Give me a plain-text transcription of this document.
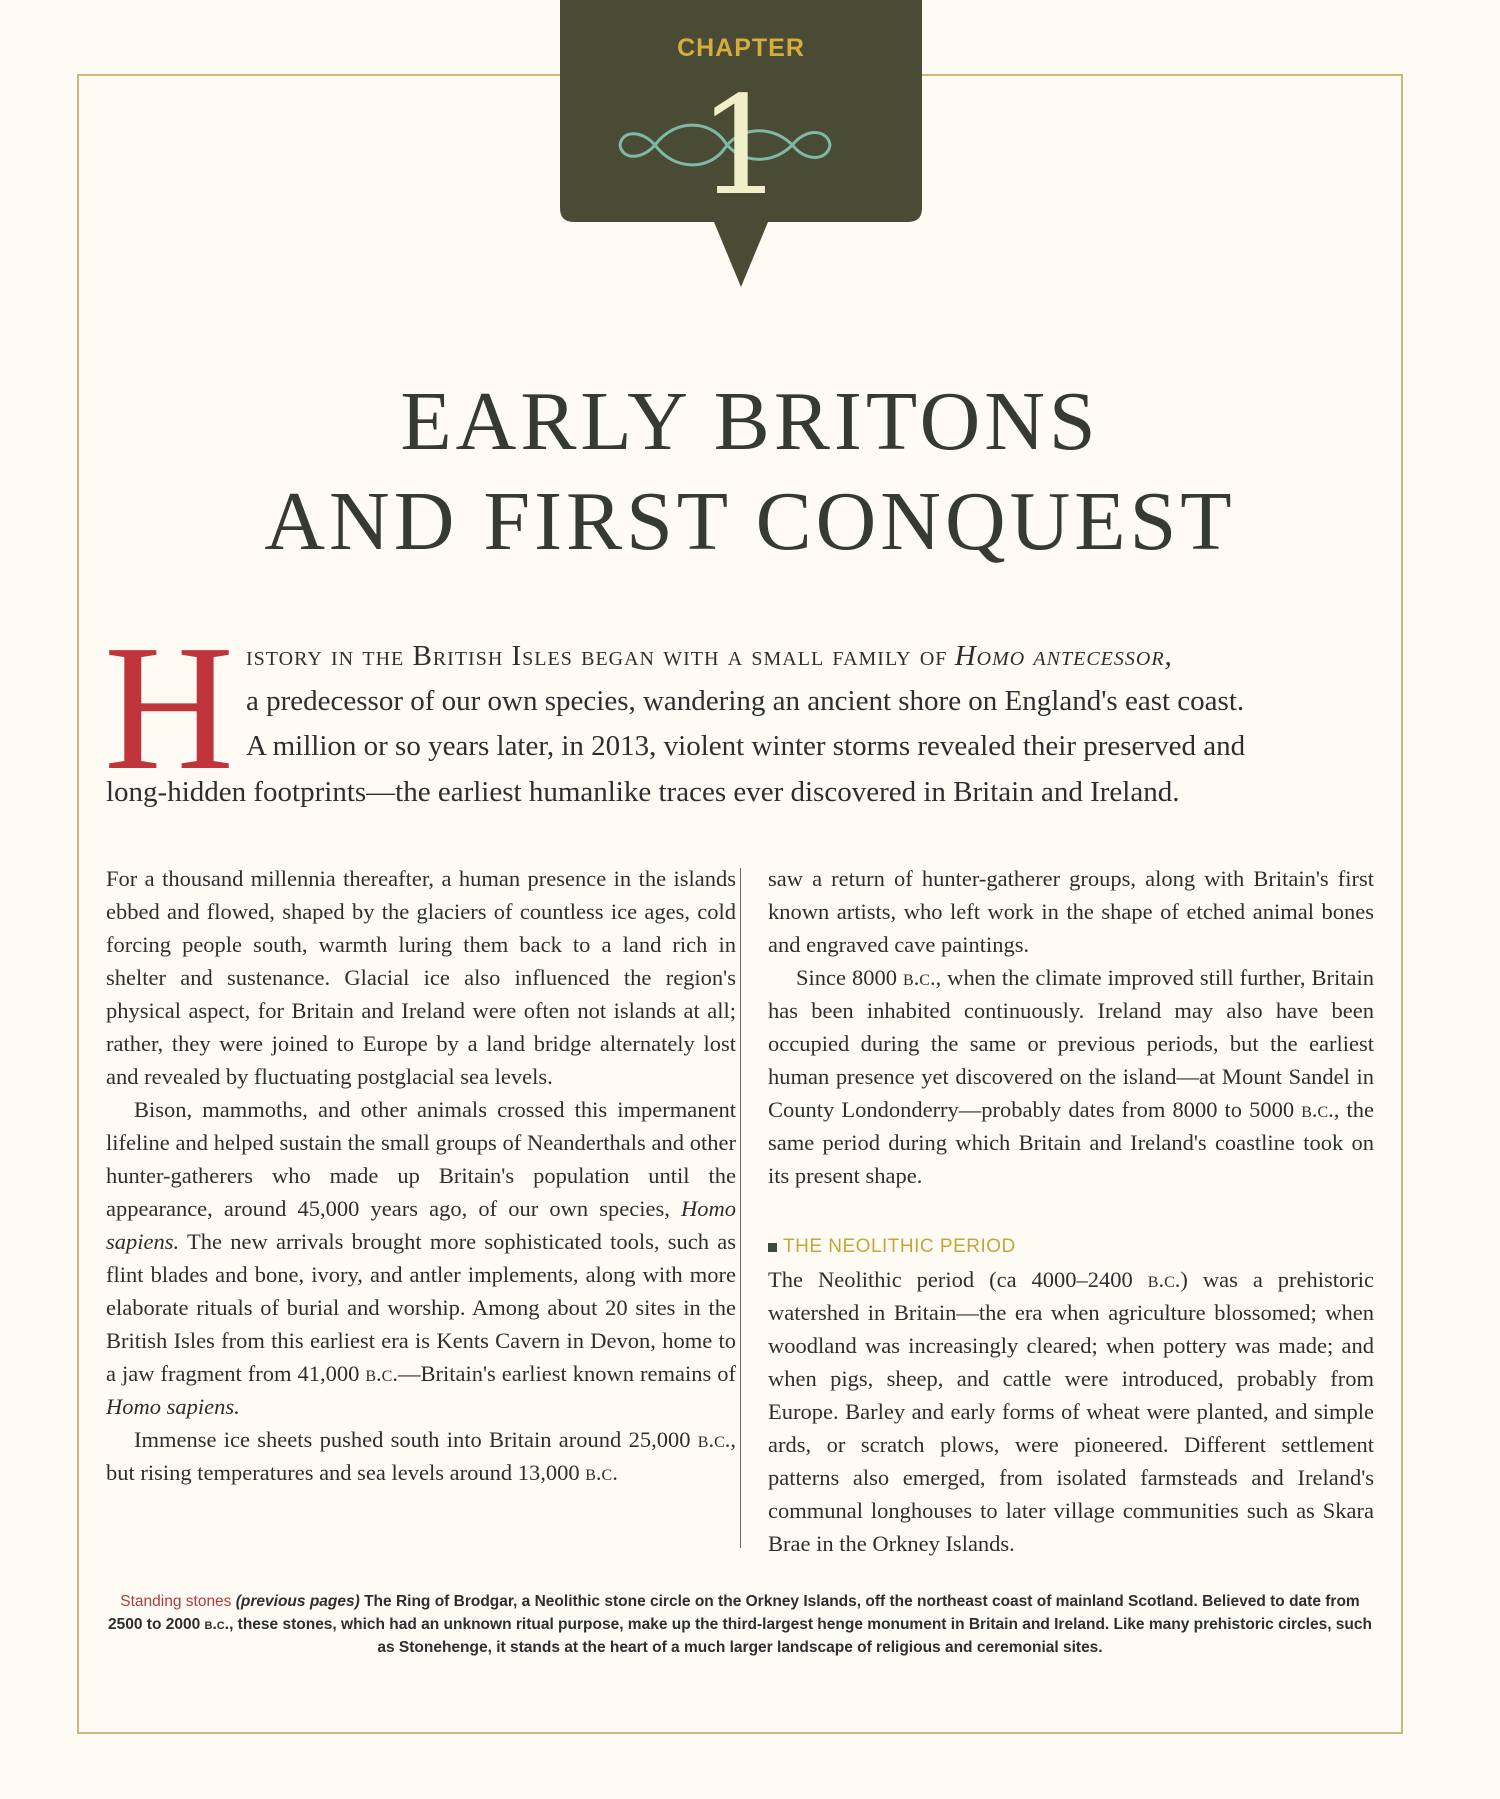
CHAPTER
1
EARLY BRITONS
AND FIRST CONQUEST
H istory in the British Isles began with a small family of Homo antecessor,
a predecessor of our own species, wandering an ancient shore on England's east coast.
A million or so years later, in 2013, violent winter storms revealed their preserved and
long-hidden footprints—the earliest humanlike traces ever discovered in Britain and Ireland.

For a thousand millennia thereafter, a human presence in the islands ebbed and flowed, shaped by the glaciers of countless ice ages, cold forcing people south, warmth luring them back to a land rich in shelter and sustenance. Glacial ice also influenced the region's physical aspect, for Britain and Ireland were often not islands at all; rather, they were joined to Europe by a land bridge alternately lost and revealed by fluctuating postglacial sea levels.

Bison, mammoths, and other animals crossed this impermanent lifeline and helped sustain the small groups of Neanderthals and other hunter-gatherers who made up Britain's population until the appearance, around 45,000 years ago, of our own species, Homo sapiens. The new arrivals brought more sophisticated tools, such as flint blades and bone, ivory, and antler implements, along with more elaborate rituals of burial and worship. Among about 20 sites in the British Isles from this earliest era is Kents Cavern in Devon, home to a jaw fragment from 41,000 b.c.—Britain's earliest known remains of Homo sapiens.

Immense ice sheets pushed south into Britain around 25,000 b.c., but rising temperatures and sea levels around 13,000 b.c.

saw a return of hunter-gatherer groups, along with Britain's first known artists, who left work in the shape of etched animal bones and engraved cave paintings.

Since 8000 b.c., when the climate improved still further, Britain has been inhabited continuously. Ireland may also have been occupied during the same or previous periods, but the earliest human presence yet discovered on the island—at Mount Sandel in County Londonderry—probably dates from 8000 to 5000 b.c., the same period during which Britain and Ireland's coastline took on its present shape.

THE NEOLITHIC PERIOD

The Neolithic period (ca 4000–2400 b.c.) was a prehistoric watershed in Britain—the era when agriculture blossomed; when woodland was increasingly cleared; when pottery was made; and when pigs, sheep, and cattle were introduced, probably from Europe. Barley and early forms of wheat were planted, and simple ards, or scratch plows, were pioneered. Different settlement patterns also emerged, from isolated farmsteads and Ireland's communal longhouses to later village communities such as Skara Brae in the Orkney Islands.

Standing stones (previous pages) The Ring of Brodgar, a Neolithic stone circle on the Orkney Islands, off the northeast coast of mainland Scotland. Believed to date from 2500 to 2000 b.c., these stones, which had an unknown ritual purpose, make up the third-largest henge monument in Britain and Ireland. Like many prehistoric circles, such as Stonehenge, it stands at the heart of a much larger landscape of religious and ceremonial sites.
